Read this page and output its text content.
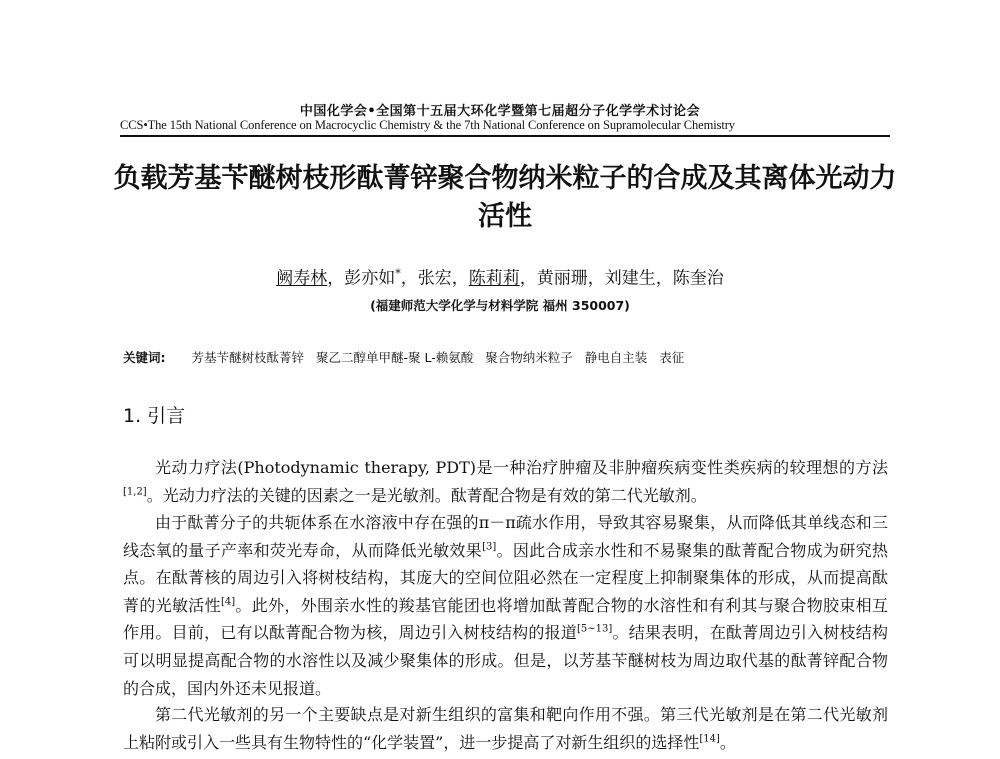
中国化学会•全国第十五届大环化学暨第七届超分子化学学术讨论会
CCS•The 15th National Conference on Macrocyclic Chemistry & the 7th National Conference on Supramolecular Chemistry
负载芳基苄醚树枝形酞菁锌聚合物纳米粒子的合成及其离体光动力活性
阙寿林，彭亦如*，张宏，陈莉莉，黄丽珊，刘建生，陈奎治
(福建师范大学化学与材料学院 福州 350007)
关键词: 芳基苄醚树枝酞菁锌 聚乙二醇单甲醚-聚 L-赖氨酸 聚合物纳米粒子 静电自主装 表征
1. 引言

光动力疗法(Photodynamic therapy, PDT)是一种治疗肿瘤及非肿瘤疾病变性类疾病的较理想的方法[1,2]。光动力疗法的关键的因素之一是光敏剂。酞菁配合物是有效的第二代光敏剂。

由于酞菁分子的共轭体系在水溶液中存在强的π－π疏水作用，导致其容易聚集，从而降低其单线态和三线态氧的量子产率和荧光寿命，从而降低光敏效果[3]。因此合成亲水性和不易聚集的酞菁配合物成为研究热点。在酞菁核的周边引入将树枝结构，其庞大的空间位阻必然在一定程度上抑制聚集体的形成，从而提高酞菁的光敏活性[4]。此外，外围亲水性的羧基官能团也将增加酞菁配合物的水溶性和有利其与聚合物胶束相互作用。目前，已有以酞菁配合物为核，周边引入树枝结构的报道[5~13]。结果表明，在酞菁周边引入树枝结构可以明显提高配合物的水溶性以及减少聚集体的形成。但是，以芳基苄醚树枝为周边取代基的酞菁锌配合物的合成，国内外还未见报道。

第二代光敏剂的另一个主要缺点是对新生组织的富集和靶向作用不强。第三代光敏剂是在第二代光敏剂上粘附或引入一些具有生物特性的“化学装置”，进一步提高了对新生组织的选择性[14]。
